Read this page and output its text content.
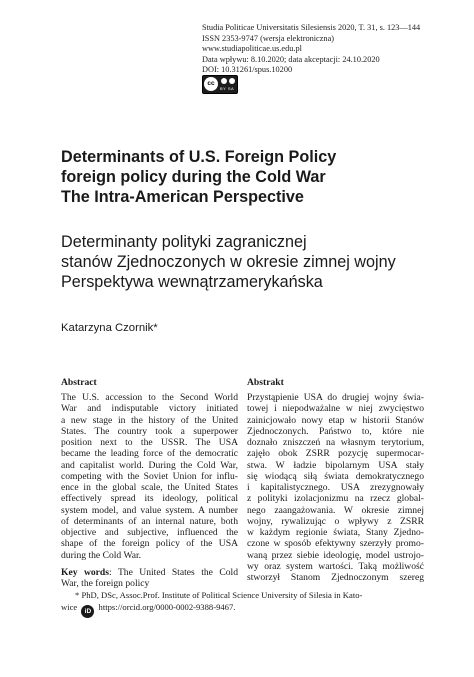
Studia Politicae Universitatis Silesiensis 2020, T. 31, s. 123—144
ISSN 2353-9747 (wersja elektroniczna)
www.studiapoliticae.us.edu.pl
Data wpływu: 8.10.2020; data akceptacji: 24.10.2020
DOI: 10.31261/spus.10200
cc
BY SA
Determinants of U.S. Foreign Policy
foreign policy during the Cold War
The Intra-American Perspective
Determinanty polityki zagranicznej
stanów Zjednoczonych w okresie zimnej wojny
Perspektywa wewnątrzamerykańska
Katarzyna Czornik*
Abstract
The U.S. accession to the Second World
War and indisputable victory initiated
a new stage in the history of the United
States. The country took a superpower
position next to the USSR. The USA
became the leading force of the democratic
and capitalist world. During the Cold War,
competing with the Soviet Union for influ-
ence in the global scale, the United States
effectively spread its ideology, political
system model, and value system. A number
of determinants of an internal nature, both
objective and subjective, influenced the
shape of the foreign policy of the USA
during the Cold War.
Key words: The United States the Cold
War, the foreign policy
Abstrakt
Przystąpienie USA do drugiej wojny świa-
towej i niepodważalne w niej zwycięstwo
zainicjowało nowy etap w historii Stanów
Zjednoczonych. Państwo to, które nie
doznało zniszczeń na własnym terytorium,
zajęło obok ZSRR pozycję supermocar-
stwa. W ładzie bipolarnym USA stały
się wiodącą siłą świata demokratycznego
i kapitalistycznego. USA zrezygnowały
z polityki izolacjonizmu na rzecz global-
nego zaangażowania. W okresie zimnej
wojny, rywalizując o wpływy z ZSRR
w każdym regionie świata, Stany Zjedno-
czone w sposób efektywny szerzyły promo-
waną przez siebie ideologię, model ustrojo-
wy oraz system wartości. Taką możliwość
stworzył Stanom Zjednoczonym szereg
* PhD, DSc, Assoc.Prof. Institute of Political Science University of Silesia in Kato-
wice iD https://orcid.org/0000-0002-9388-9467.
